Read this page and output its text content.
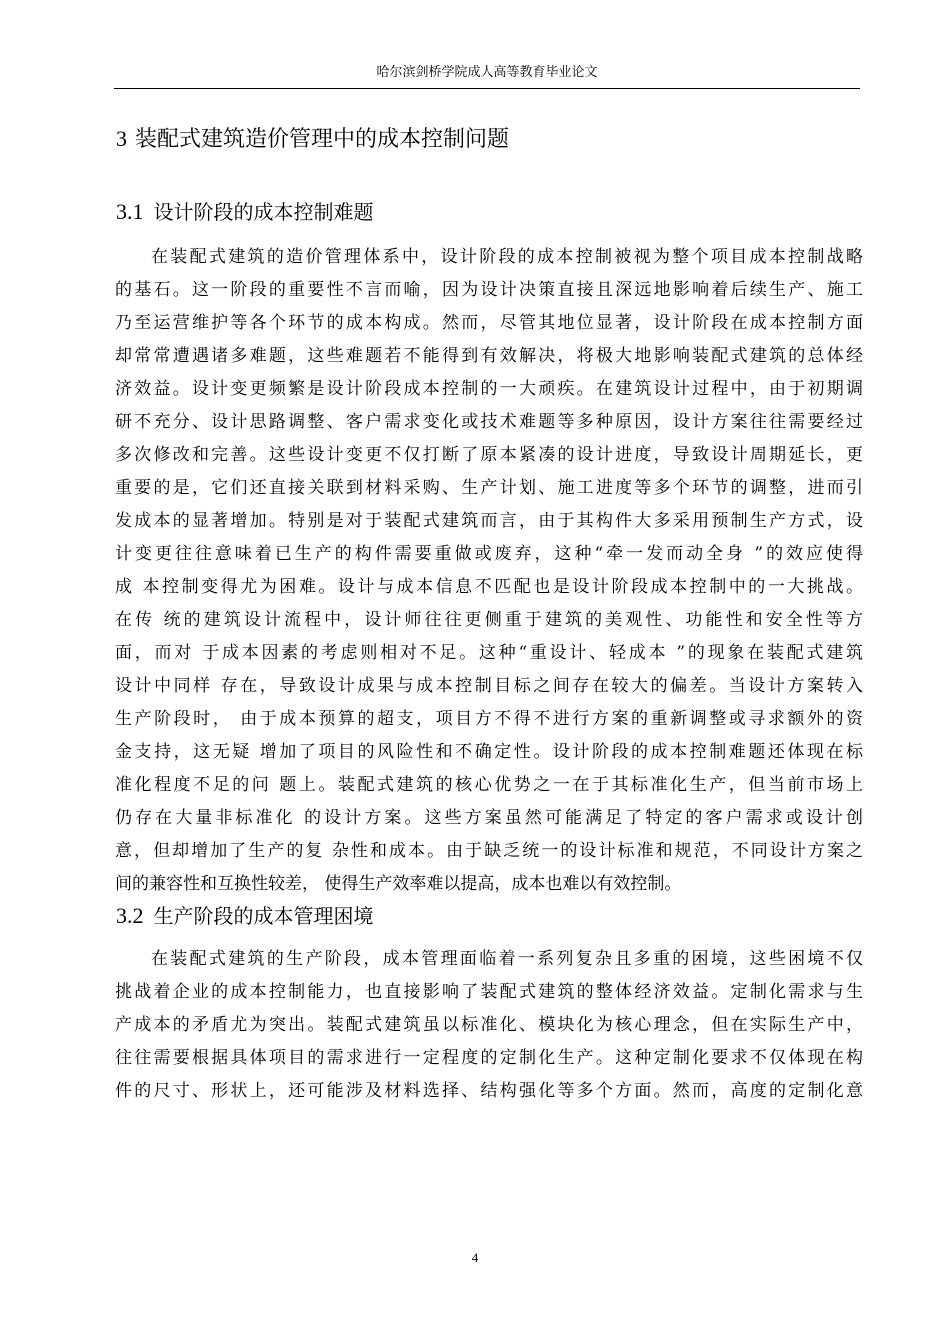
哈尔滨剑桥学院成人高等教育毕业论文
3 装配式建筑造价管理中的成本控制问题
3.1 设计阶段的成本控制难题
在装配式建筑的造价管理体系中，设计阶段的成本控制被视为整个项目成本控制战略
的基石。这一阶段的重要性不言而喻，因为设计决策直接且深远地影响着后续生产、施工
乃至运营维护等各个环节的成本构成。然而，尽管其地位显著，设计阶段在成本控制方面
却常常遭遇诸多难题，这些难题若不能得到有效解决，将极大地影响装配式建筑的总体经
济效益。设计变更频繁是设计阶段成本控制的一大顽疾。在建筑设计过程中，由于初期调
研不充分、设计思路调整、客户需求变化或技术难题等多种原因，设计方案往往需要经过
多次修改和完善。这些设计变更不仅打断了原本紧凑的设计进度，导致设计周期延长，更
重要的是，它们还直接关联到材料采购、生产计划、施工进度等多个环节的调整，进而引
发成本的显著增加。特别是对于装配式建筑而言，由于其构件大多采用预制生产方式，设
计变更往往意味着已生产的构件需要重做或废弃，这种“牵一发而动全身 ”的效应使得
成 本控制变得尤为困难。设计与成本信息不匹配也是设计阶段成本控制中的一大挑战。
在传 统的建筑设计流程中，设计师往往更侧重于建筑的美观性、功能性和安全性等方
面，而对 于成本因素的考虑则相对不足。这种“重设计、轻成本 ”的现象在装配式建筑
设计中同样 存在，导致设计成果与成本控制目标之间存在较大的偏差。当设计方案转入
生产阶段时， 由于成本预算的超支，项目方不得不进行方案的重新调整或寻求额外的资
金支持，这无疑 增加了项目的风险性和不确定性。设计阶段的成本控制难题还体现在标
准化程度不足的问 题上。装配式建筑的核心优势之一在于其标准化生产，但当前市场上
仍存在大量非标准化 的设计方案。这些方案虽然可能满足了特定的客户需求或设计创
意，但却增加了生产的复 杂性和成本。由于缺乏统一的设计标准和规范，不同设计方案之
间的兼容性和互换性较差， 使得生产效率难以提高，成本也难以有效控制。
3.2 生产阶段的成本管理困境
在装配式建筑的生产阶段，成本管理面临着一系列复杂且多重的困境，这些困境不仅
挑战着企业的成本控制能力，也直接影响了装配式建筑的整体经济效益。定制化需求与生
产成本的矛盾尤为突出。装配式建筑虽以标准化、模块化为核心理念，但在实际生产中，
往往需要根据具体项目的需求进行一定程度的定制化生产。这种定制化要求不仅体现在构
件的尺寸、形状上，还可能涉及材料选择、结构强化等多个方面。然而，高度的定制化意
4
